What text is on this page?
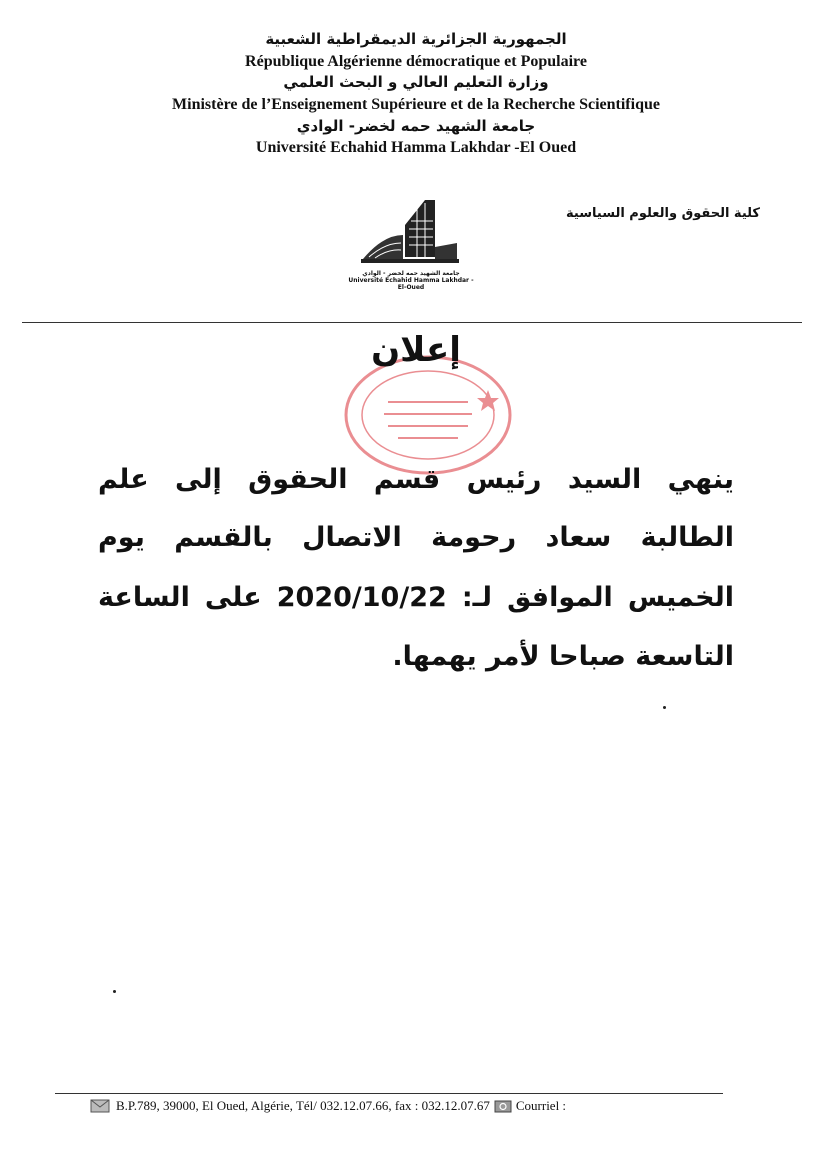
الجمهورية الجزائرية الديمقراطية الشعبية
République Algérienne démocratique et Populaire
وزارة التعليم العالي و البحث العلمي
Ministère de l’Enseignement Supérieure et de la Recherche Scientifique
جامعة الشهيد حمه لخضر- الوادي
Université Echahid Hamma Lakhdar -El Oued
كلية الحقوق والعلوم السياسية
جامعة الشهيد حمه لخضر - الوادي
Université Echahid Hamma Lakhdar - El-Oued
إعلان
ينهي السيد رئيس قسم الحقوق إلى علم
الطالبة سعاد رحومة الاتصال بالقسم يوم
الخميس الموافق لـ: 2020/10/22 على الساعة
التاسعة صباحا لأمر يهمها.
B.P.789, 39000, El Oued, Algérie, Tél/ 032.12.07.66, fax : 032.12.07.67 Courriel :
